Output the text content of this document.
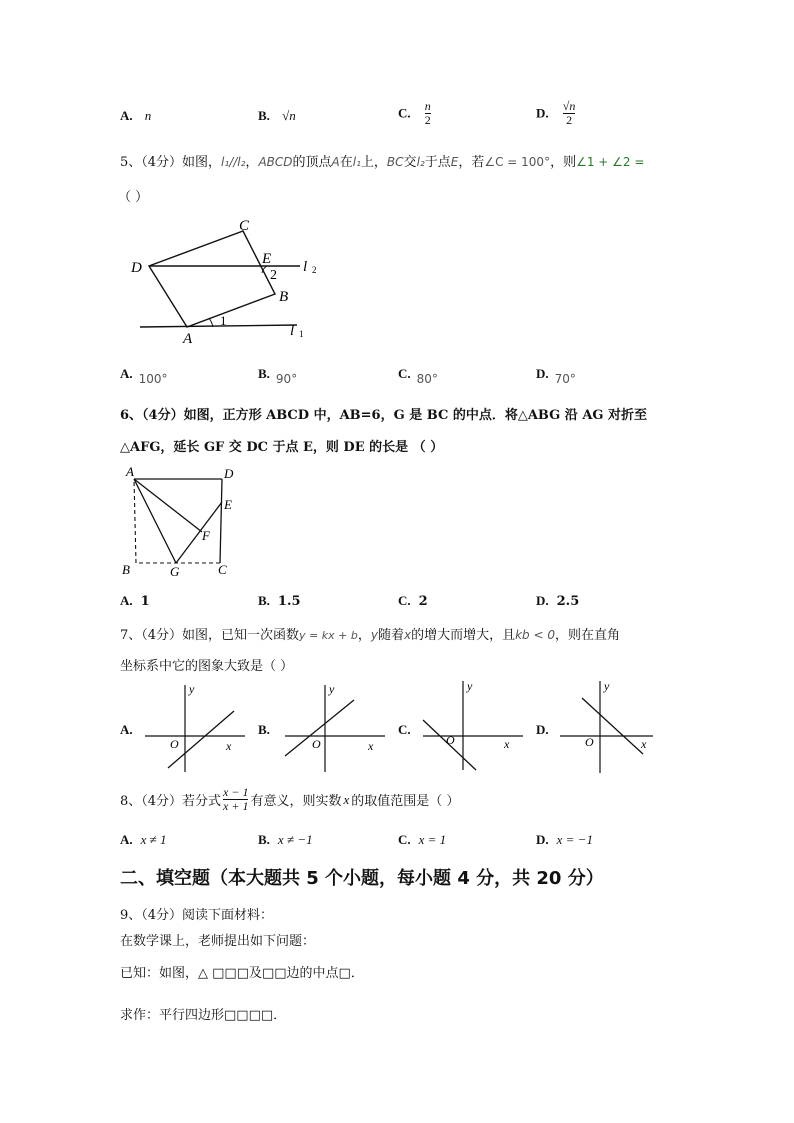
A. n	B. √n	C. $\frac{n}{2}$	D. $\frac{√n}{2}$
5、（4分）如图，l₁//l₂，ABCD的顶点A在l₁上，BC交l₂于点E，若∠C = 100°，则∠1 + ∠2 =
（ ）
C
D
E
2
l 2
B
A
1
l 1
A. 100°	B. 90°	C. 80°	D. 70°
6、（4分）如图，正方形 ABCD 中，AB=6，G 是 BC 的中点．将△ABG 沿 AG 对折至
△AFG，延长 GF 交 DC 于点 E，则 DE 的长是 （ ）
A	D
E
F
B	G	C
A. 1	B. 1.5	C. 2	D. 2.5
7、（4分）如图，已知一次函数y = kx + b，y随着x的增大而增大，且kb < 0，则在直角
坐标系中它的图象大致是（ ）
A.
y
x
O
B.
y
x
O
C.
y
x
O
D.
y
x
O
8、（4分）若分式 $\frac{x - 1}{x + 1}$ 有意义，则实数 x 的取值范围是（ ）
A. x ≠ 1	B. x ≠ −1	C. x = 1	D. x = −1
二、填空题（本大题共 5 个小题，每小题 4 分，共 20 分）
9、（4分）阅读下面材料：
在数学课上，老师提出如下问题：
已知：如图，△ □□□及□□边的中点□．
求作：平行四边形□□□□．
